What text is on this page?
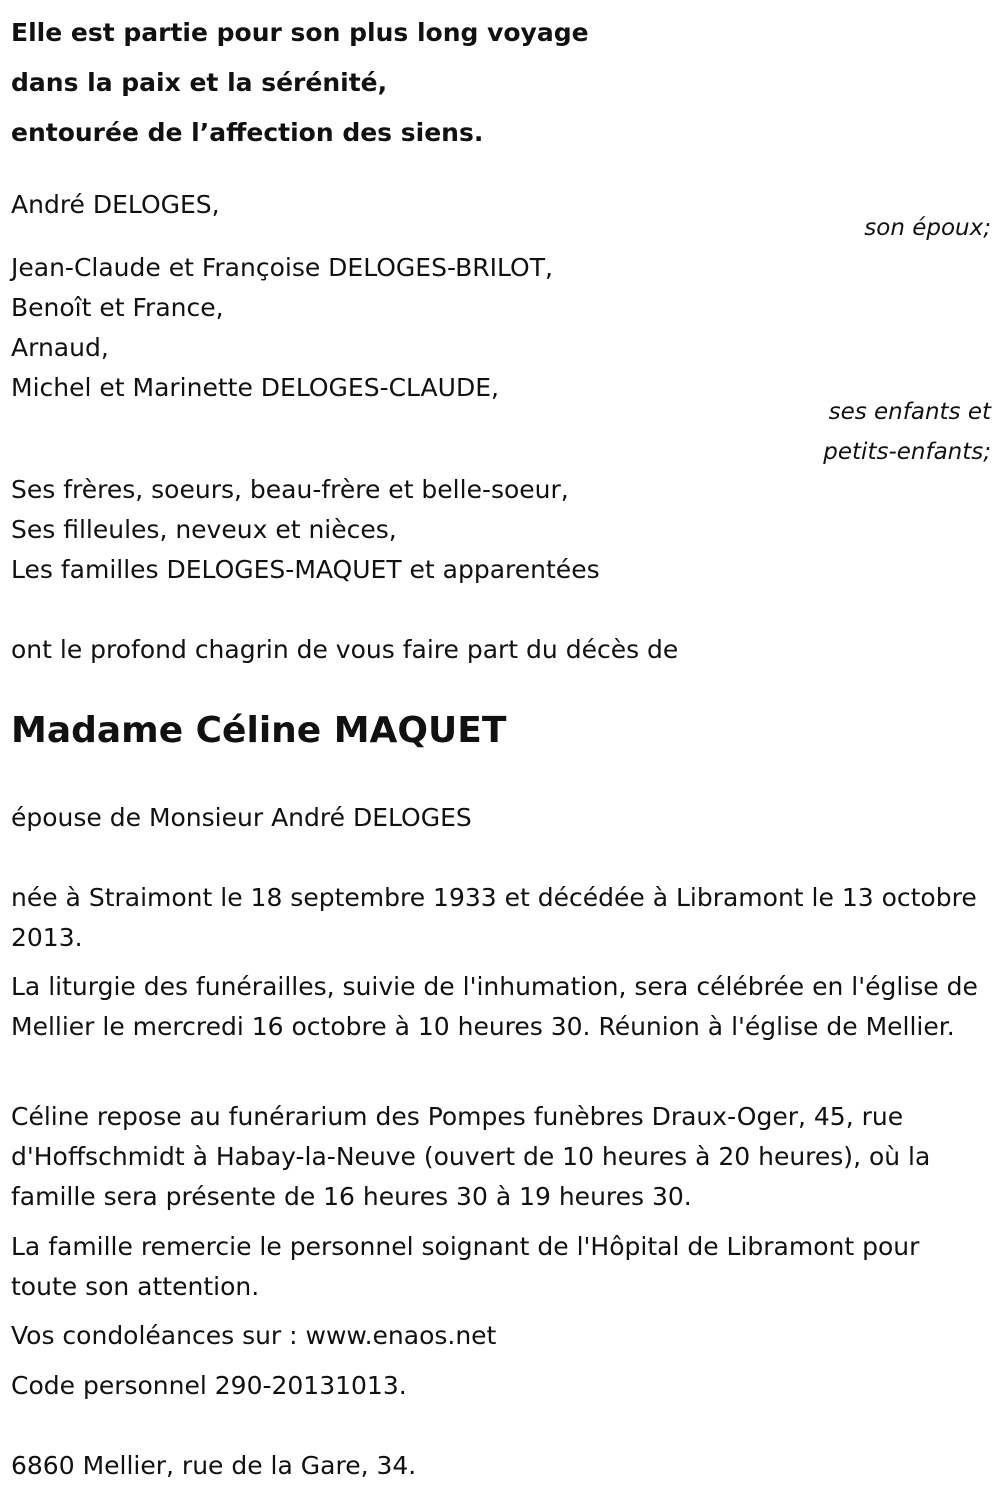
Elle est partie pour son plus long voyage
dans la paix et la sérénité,
entourée de l’affection des siens.
André DELOGES,
son époux;
Jean-Claude et Françoise DELOGES-BRILOT,
Benoît et France,
Arnaud,
Michel et Marinette DELOGES-CLAUDE,
ses enfants et
petits-enfants;
Ses frères, soeurs, beau-frère et belle-soeur,
Ses filleules, neveux et nièces,
Les familles DELOGES-MAQUET et apparentées
ont le profond chagrin de vous faire part du décès de
Madame Céline MAQUET
épouse de Monsieur André DELOGES
née à Straimont le 18 septembre 1933 et décédée à Libramont le 13 octobre 2013.
La liturgie des funérailles, suivie de l'inhumation, sera célébrée en l'église de Mellier le mercredi 16 octobre à 10 heures 30. Réunion à l'église de Mellier.
Céline repose au funérarium des Pompes funèbres Draux-Oger, 45, rue d'Hoffschmidt à Habay-la-Neuve (ouvert de 10 heures à 20 heures), où la famille sera présente de 16 heures 30 à 19 heures 30.
La famille remercie le personnel soignant de l'Hôpital de Libramont pour toute son attention.
Vos condoléances sur : www.enaos.net
Code personnel 290-20131013.
6860 Mellier, rue de la Gare, 34.
